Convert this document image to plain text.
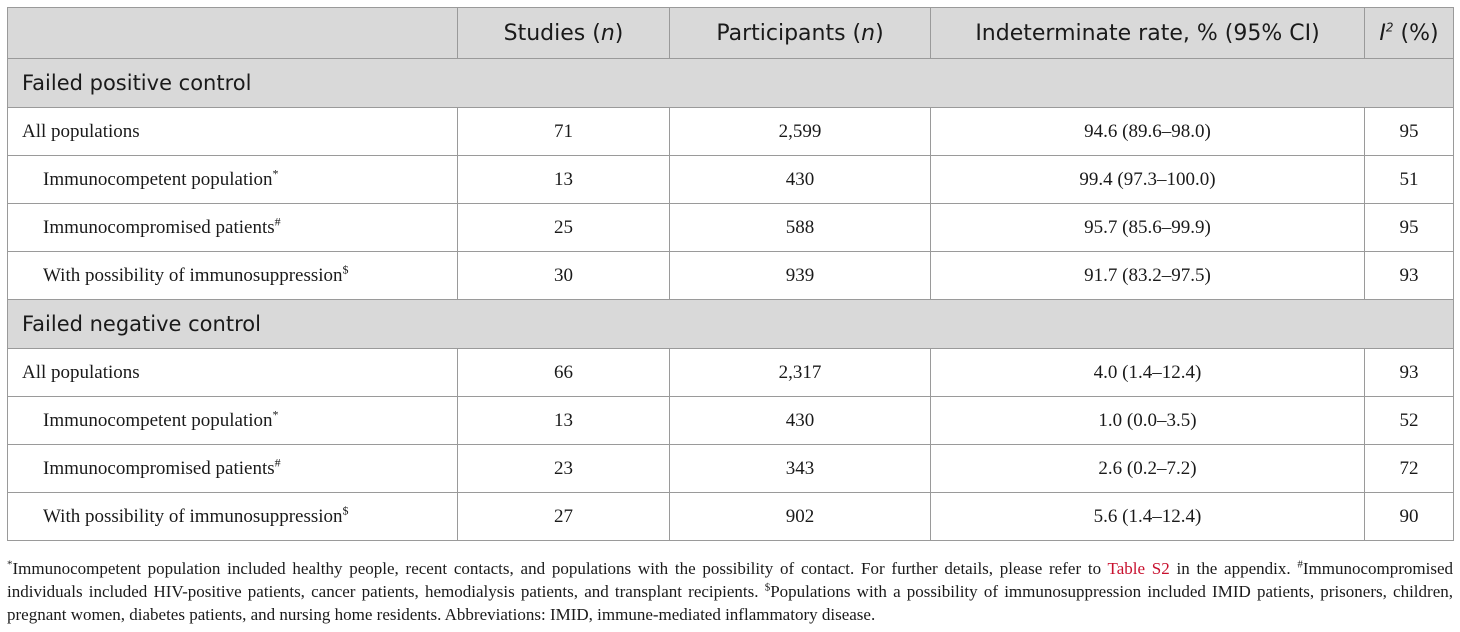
	Studies (n)	Participants (n)	Indeterminate rate, % (95% CI)	$I^2$ (%)
Failed positive control				
All populations	71	2,599	94.6 (89.6–98.0)	95
Immunocompetent population*	13	430	99.4 (97.3–100.0)	51
Immunocompromised patients#	25	588	95.7 (85.6–99.9)	95
With possibility of immunosuppression$	30	939	91.7 (83.2–97.5)	93
Failed negative control				
All populations	66	2,317	4.0 (1.4–12.4)	93
Immunocompetent population*	13	430	1.0 (0.0–3.5)	52
Immunocompromised patients#	23	343	2.6 (0.2–7.2)	72
With possibility of immunosuppression$	27	902	5.6 (1.4–12.4)	90
*Immunocompetent population included healthy people, recent contacts, and populations with the possibility of contact. For further details, please refer to Table S2 in the appendix. #Immunocompromised individuals included HIV-positive patients, cancer patients, hemodialysis patients, and transplant recipients. $Populations with a possibility of immunosuppression included IMID patients, prisoners, children, pregnant women, diabetes patients, and nursing home residents. Abbreviations: IMID, immune-mediated inflammatory disease.
